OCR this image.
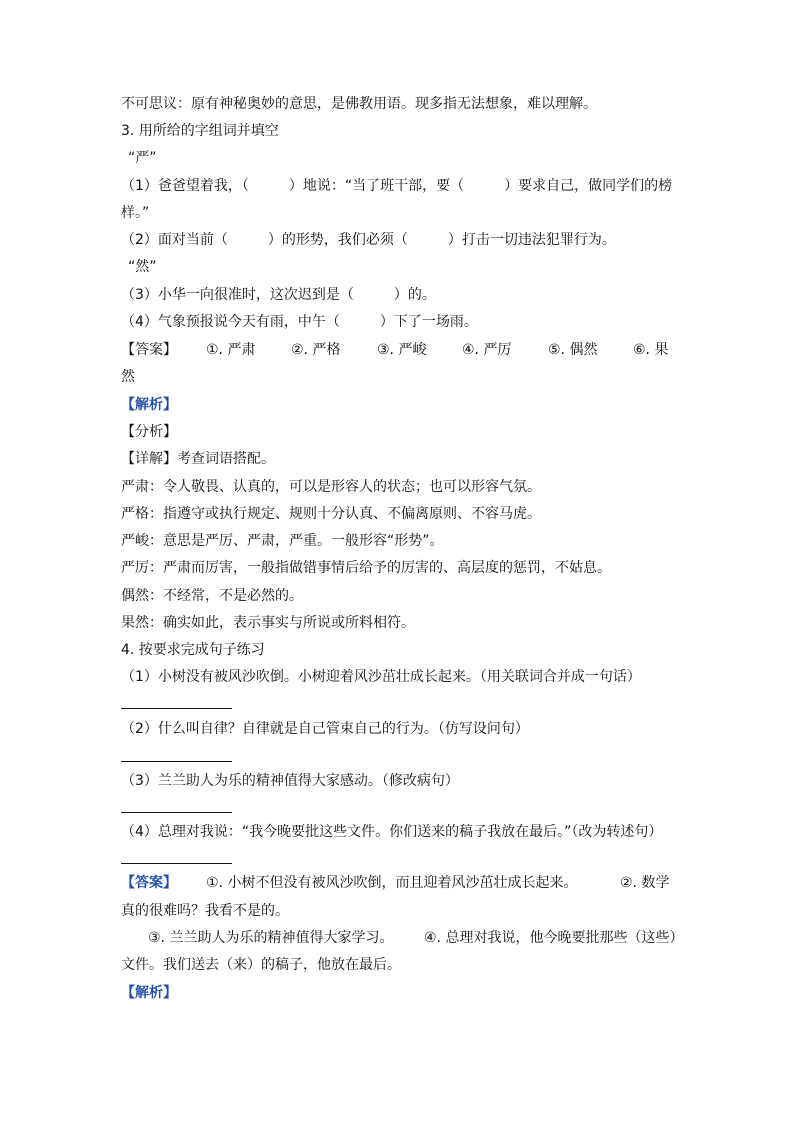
不可思议：原有神秘奥妙的意思，是佛教用语。现多指无法想象，难以理解。
3. 用所给的字组词并填空
“严”
（1）爸爸望着我，（	）地说：“当了班干部，要（	）要求自己，做同学们的榜
样。”
（2）面对当前（	）的形势，我们必须（	）打击一切违法犯罪行为。
“然”
（3）小华一向很准时，这次迟到是（	）的。
（4）气象预报说今天有雨，中午（	）下了一场雨。
【答案】 ①. 严肃	②. 严格	③. 严峻	④. 严厉	⑤. 偶然	⑥. 果
然
【解析】
【分析】
【详解】考查词语搭配。
严肃：令人敬畏、认真的，可以是形容人的状态；也可以形容气氛。
严格：指遵守或执行规定、规则十分认真、不偏离原则、不容马虎。
严峻：意思是严厉、严肃，严重。一般形容“形势”。
严厉：严肃而厉害，一般指做错事情后给予的厉害的、高层度的惩罚，不姑息。
偶然：不经常，不是必然的。
果然：确实如此，表示事实与所说或所料相符。
4. 按要求完成句子练习
（1）小树没有被风沙吹倒。小树迎着风沙茁壮成长起来。（用关联词合并成一句话）
（2）什么叫自律？自律就是自己管束自己的行为。（仿写设问句）
（3）兰兰助人为乐的精神值得大家感动。（修改病句）
（4）总理对我说：“我今晚要批这些文件。你们送来的稿子我放在最后。”（改为转述句）
【答案】 ①. 小树不但没有被风沙吹倒，而且迎着风沙茁壮成长起来。	②. 数学
真的很难吗？我看不是的。
③. 兰兰助人为乐的精神值得大家学习。 ④. 总理对我说，他今晚要批那些（这些）
文件。我们送去（来）的稿子，他放在最后。
【解析】
